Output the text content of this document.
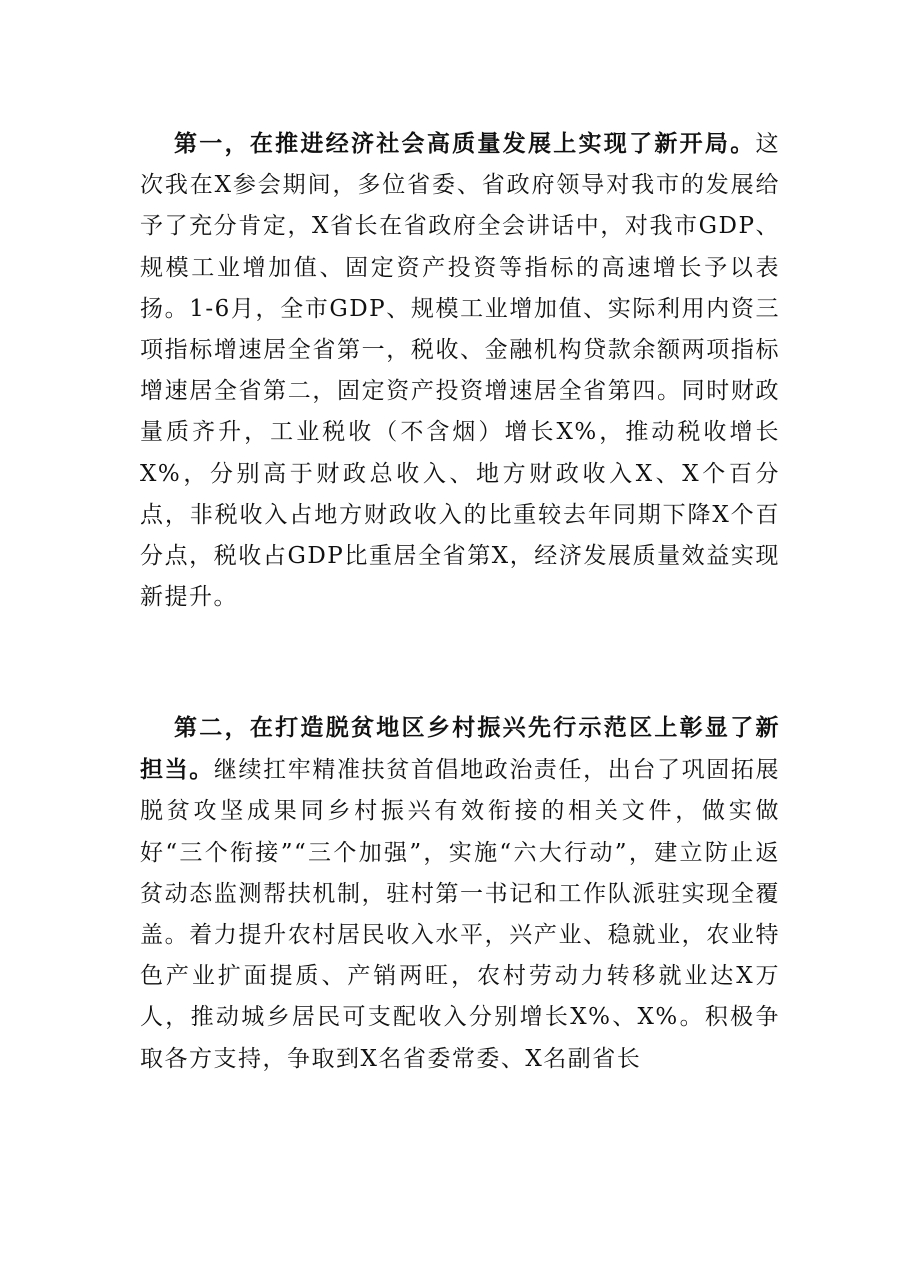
第一，在推进经济社会高质量发展上实现了新开局。这次我在X参会期间，多位省委、省政府领导对我市的发展给予了充分肯定，X省长在省政府全会讲话中，对我市GDP、规模工业增加值、固定资产投资等指标的高速增长予以表扬。1-6月，全市GDP、规模工业增加值、实际利用内资三项指标增速居全省第一，税收、金融机构贷款余额两项指标增速居全省第二，固定资产投资增速居全省第四。同时财政量质齐升，工业税收（不含烟）增长X%，推动税收增长X%，分别高于财政总收入、地方财政收入X、X个百分点，非税收入占地方财政收入的比重较去年同期下降X个百分点，税收占GDP比重居全省第X，经济发展质量效益实现新提升。

第二，在打造脱贫地区乡村振兴先行示范区上彰显了新担当。继续扛牢精准扶贫首倡地政治责任，出台了巩固拓展脱贫攻坚成果同乡村振兴有效衔接的相关文件，做实做好“三个衔接”“三个加强”，实施“六大行动”，建立防止返贫动态监测帮扶机制，驻村第一书记和工作队派驻实现全覆盖。着力提升农村居民收入水平，兴产业、稳就业，农业特色产业扩面提质、产销两旺，农村劳动力转移就业达X万人，推动城乡居民可支配收入分别增长X%、X%。积极争取各方支持，争取到X名省委常委、X名副省长
